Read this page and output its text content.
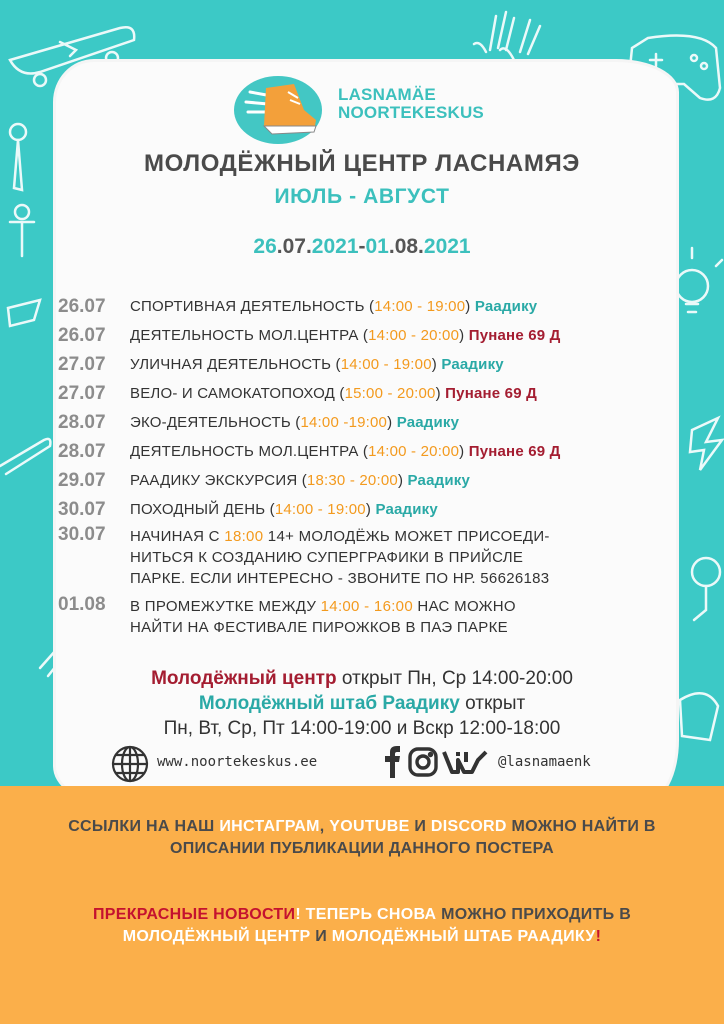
LASNAMÄE
NOORTEKESKUS
МОЛОДЁЖНЫЙ ЦЕНТР ЛАСНАМЯЭ
ИЮЛЬ - АВГУСТ
26.07.2021-01.08.2021
26.07	СПОРТИВНАЯ ДЕЯТЕЛЬНОСТЬ (14:00 - 19:00) Раадику
26.07	ДЕЯТЕЛЬНОСТЬ МОЛ.ЦЕНТРА (14:00 - 20:00) Пунане 69 Д
27.07	УЛИЧНАЯ ДЕЯТЕЛЬНОСТЬ (14:00 - 19:00) Раадику
27.07	ВЕЛО- И САМОКАТОПОХОД (15:00 - 20:00) Пунане 69 Д
28.07	ЭКО-ДЕЯТЕЛЬНОСТЬ (14:00 -19:00) Раадику
28.07	ДЕЯТЕЛЬНОСТЬ МОЛ.ЦЕНТРА (14:00 - 20:00) Пунане 69 Д
29.07	РААДИКУ ЭКСКУРСИЯ (18:30 - 20:00) Раадику
30.07	ПОХОДНЫЙ ДЕНЬ (14:00 - 19:00) Раадику
30.07 НАЧИНАЯ С 18:00 14+ МОЛОДЁЖЬ МОЖЕТ ПРИСОЕДИ-
НИТЬСЯ К СОЗДАНИЮ СУПЕРГРАФИКИ В ПРИЙСЛЕ
ПАРКЕ. ЕСЛИ ИНТЕРЕСНО - ЗВОНИТЕ ПО НР. 56626183
01.08 В ПРОМЕЖУТКЕ МЕЖДУ 14:00 - 16:00 НАС МОЖНО
НАЙТИ НА ФЕСТИВАЛЕ ПИРОЖКОВ В ПАЭ ПАРКЕ
Молодёжный центр открыт Пн, Ср 14:00-20:00
Молодёжный штаб Раадику открыт
Пн, Вт, Ср, Пт 14:00-19:00 и Вскр 12:00-18:00
www.noortekeskus.ee	@lasnamaenk

ССЫЛКИ НА НАШ ИНСТАГРАМ, YOUTUBE И DISCORD МОЖНО НАЙТИ В
ОПИСАНИИ ПУБЛИКАЦИИ ДАННОГО ПОСТЕРА

ПРЕКРАСНЫЕ НОВОСТИ! ТЕПЕРЬ СНОВА МОЖНО ПРИХОДИТЬ В
МОЛОДЁЖНЫЙ ЦЕНТР И МОЛОДЁЖНЫЙ ШТАБ РААДИКУ!
